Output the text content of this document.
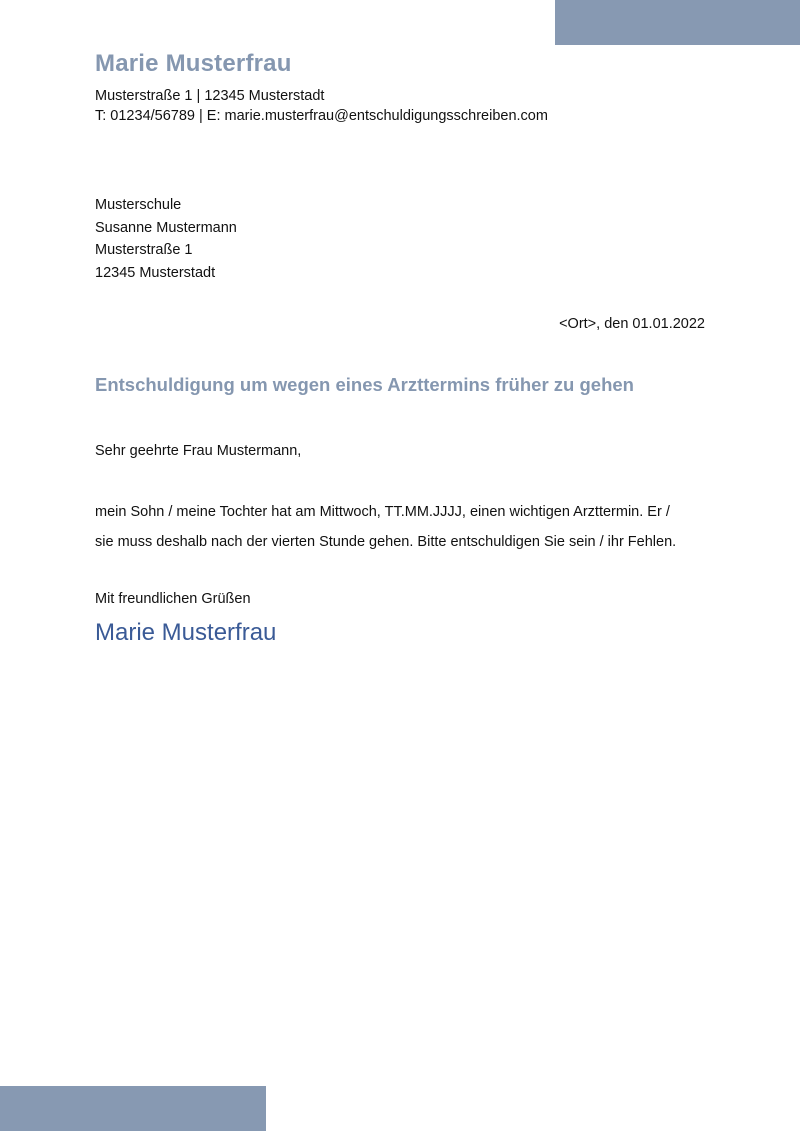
Marie Musterfrau
Musterstraße 1 | 12345 Musterstadt
T: 01234/56789 | E: marie.musterfrau@entschuldigungsschreiben.com
Musterschule
Susanne Mustermann
Musterstraße 1
12345 Musterstadt
<Ort>, den 01.01.2022
Entschuldigung um wegen eines Arzttermins früher zu gehen
Sehr geehrte Frau Mustermann,
mein Sohn / meine Tochter hat am Mittwoch, TT.MM.JJJJ, einen wichtigen Arzttermin. Er /
sie muss deshalb nach der vierten Stunde gehen. Bitte entschuldigen Sie sein / ihr Fehlen.
Mit freundlichen Grüßen
Marie Musterfrau
